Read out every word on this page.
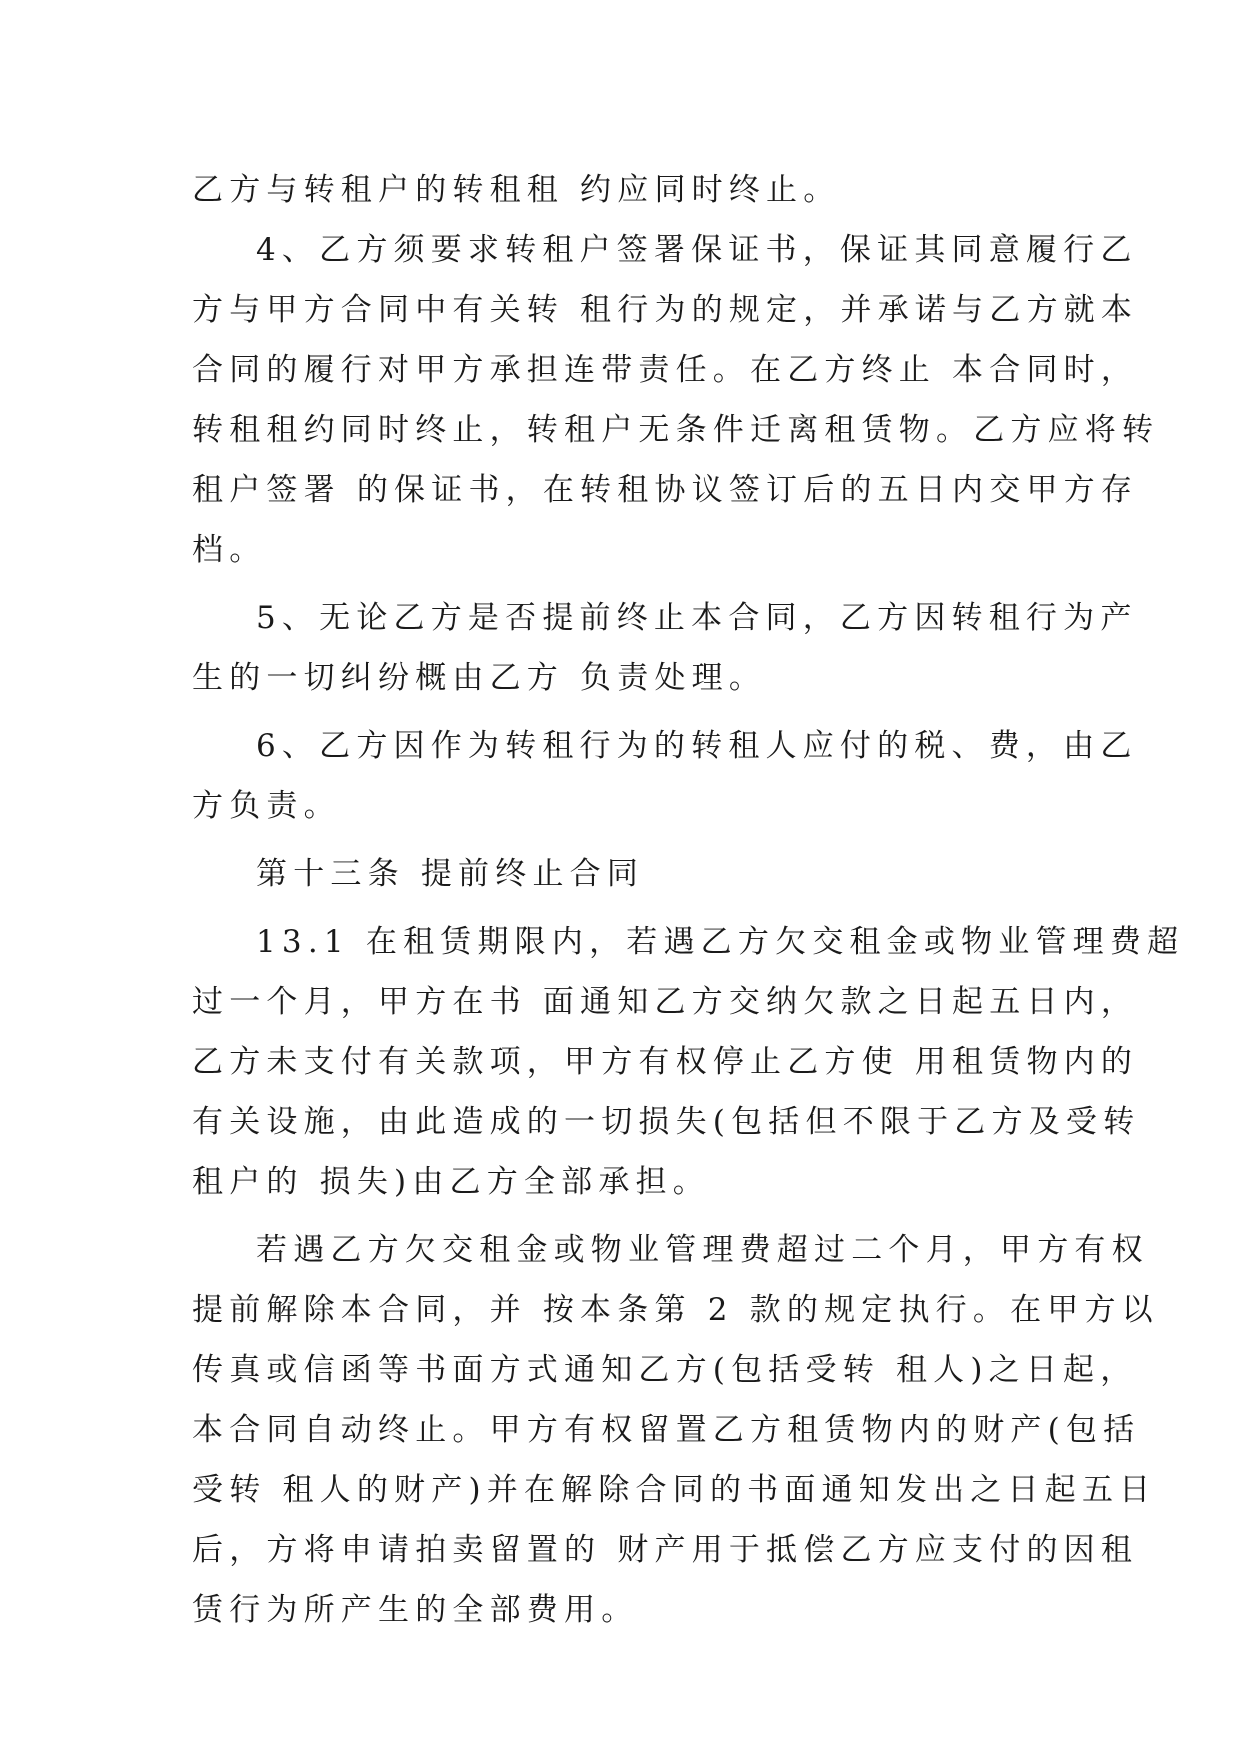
乙方与转租户的转租租 约应同时终止。
4、乙方须要求转租户签署保证书，保证其同意履行乙
方与甲方合同中有关转 租行为的规定，并承诺与乙方就本
合同的履行对甲方承担连带责任。在乙方终止 本合同时，
转租租约同时终止，转租户无条件迁离租赁物。乙方应将转
租户签署 的保证书，在转租协议签订后的五日内交甲方存
档。
5、无论乙方是否提前终止本合同，乙方因转租行为产
生的一切纠纷概由乙方 负责处理。
6、乙方因作为转租行为的转租人应付的税、费，由乙
方负责。
第十三条 提前终止合同
13.1 在租赁期限内，若遇乙方欠交租金或物业管理费超
过一个月，甲方在书 面通知乙方交纳欠款之日起五日内，
乙方未支付有关款项，甲方有权停止乙方使 用租赁物内的
有关设施，由此造成的一切损失(包括但不限于乙方及受转
租户的 损失)由乙方全部承担。
若遇乙方欠交租金或物业管理费超过二个月，甲方有权
提前解除本合同，并 按本条第 2 款的规定执行。在甲方以
传真或信函等书面方式通知乙方(包括受转 租人)之日起，
本合同自动终止。甲方有权留置乙方租赁物内的财产(包括
受转 租人的财产)并在解除合同的书面通知发出之日起五日
后，方将申请拍卖留置的 财产用于抵偿乙方应支付的因租
赁行为所产生的全部费用。
